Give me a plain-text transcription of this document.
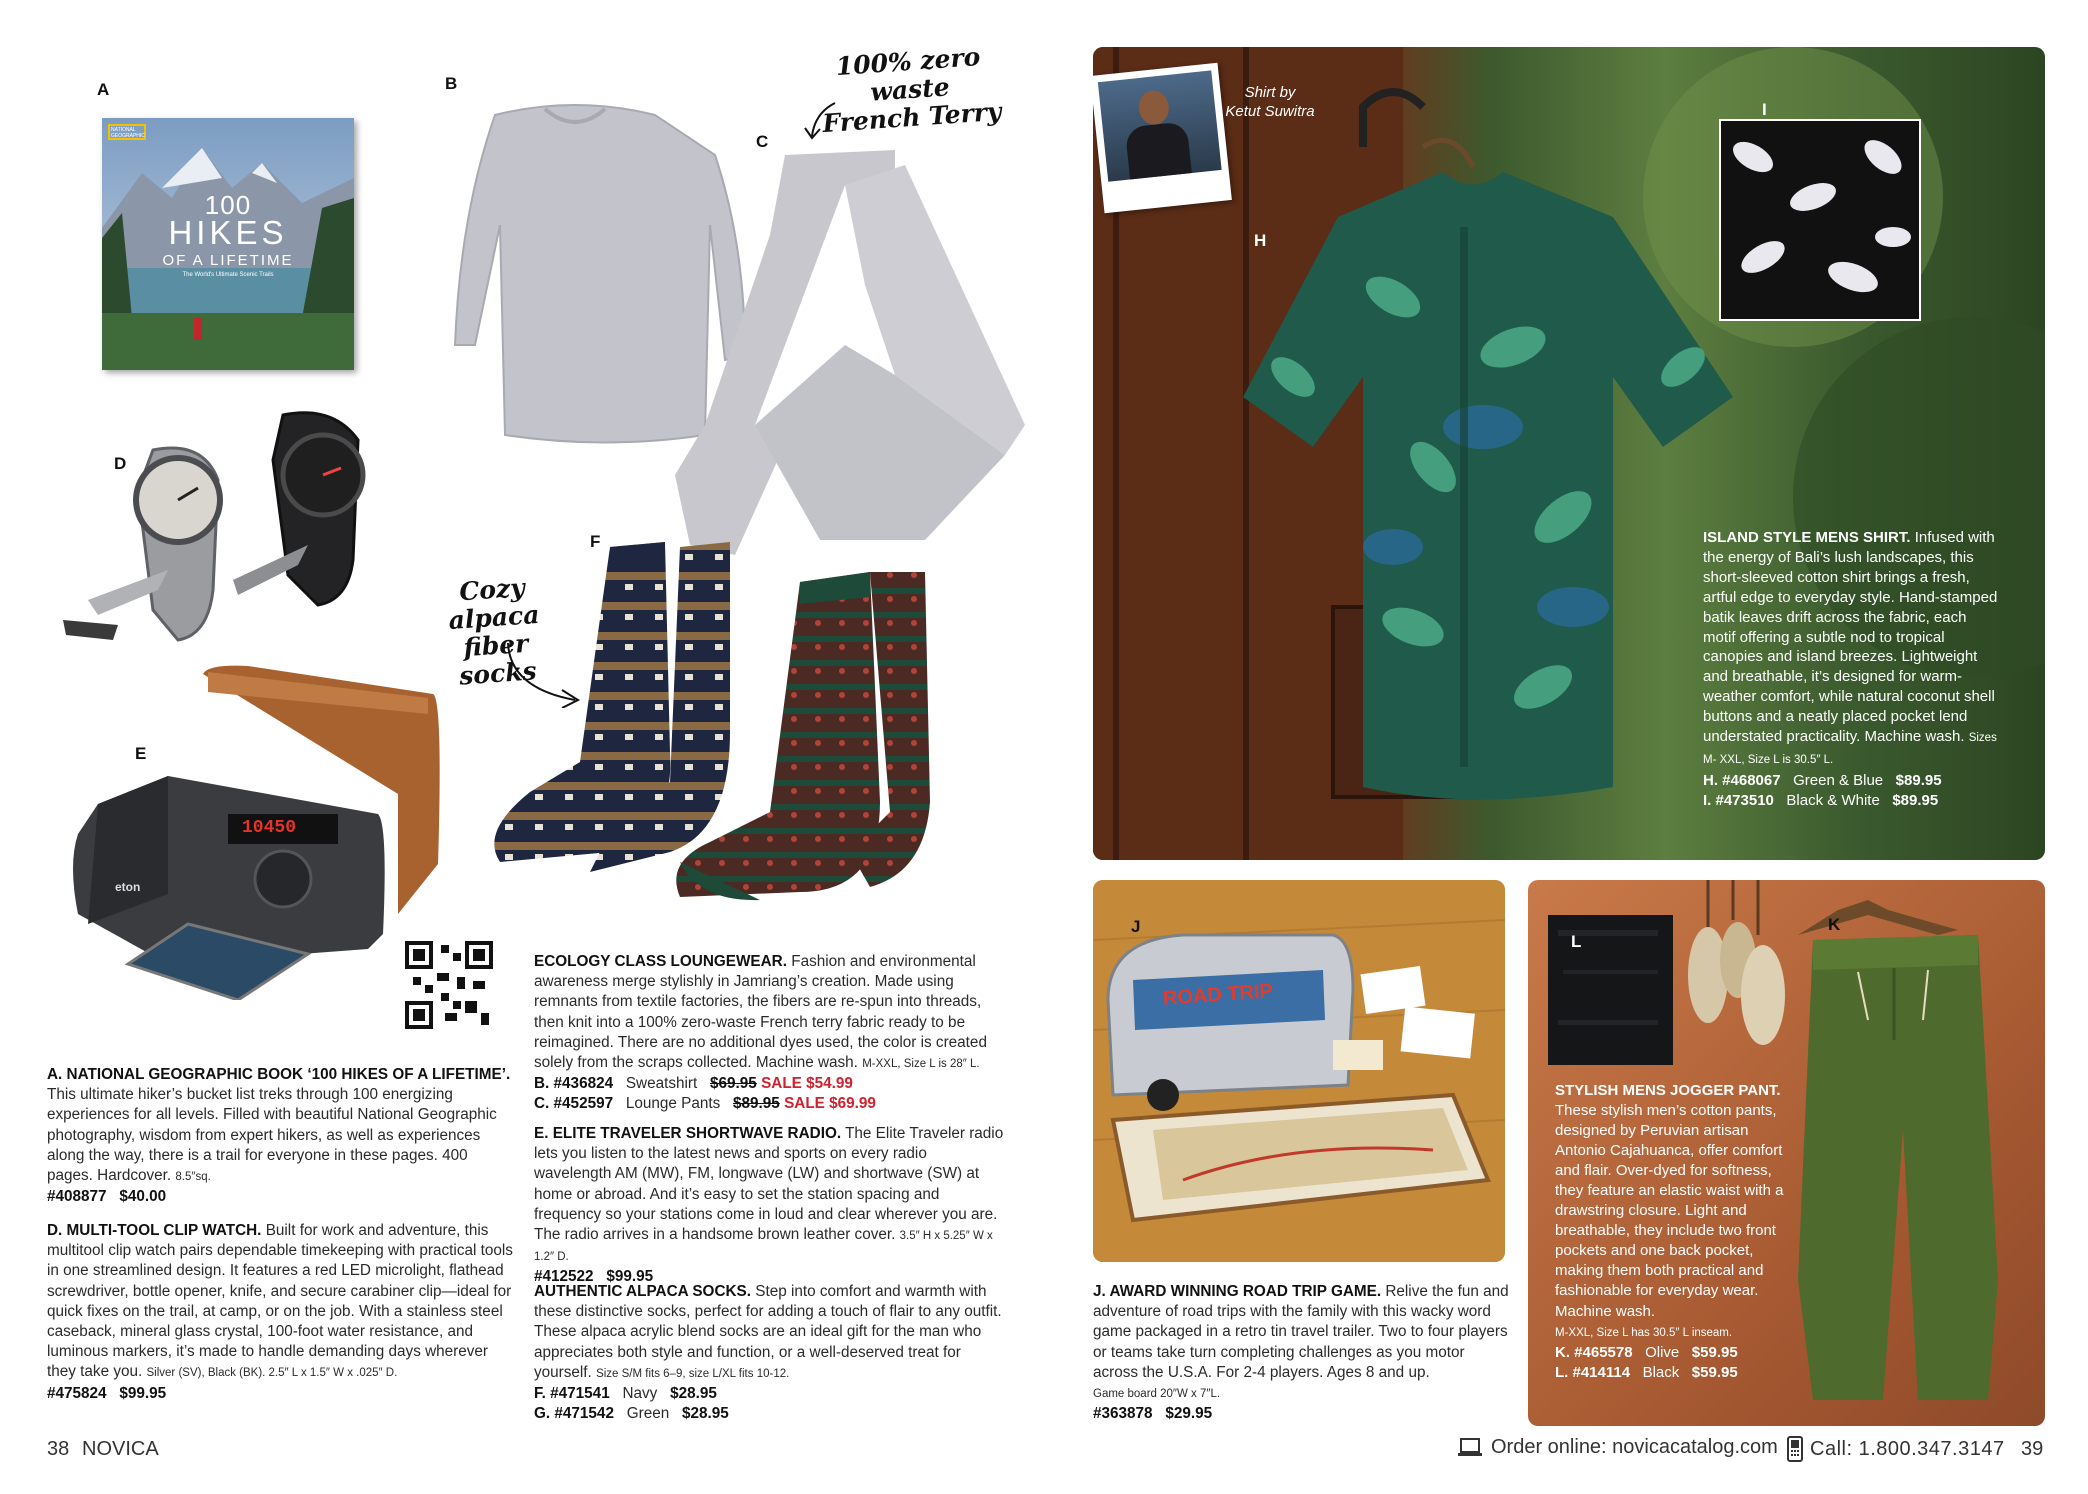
A	B
C
D
E
F
NATIONAL GEOGRAPHIC
100
HIKES
OF A LIFETIME
The World's Ultimate Scenic Trails
100% zero waste
French Terry
Cozy alpaca
fiber socks
10450
eton
A. NATIONAL GEOGRAPHIC BOOK ‘100 HIKES OF A LIFETIME’. This ultimate hiker’s bucket list treks through 100 energizing experiences for all levels. Filled with beautiful National Geographic photography, wisdom from expert hikers, as well as experiences along the way, there is a trail for everyone in these pages. 400 pages. Hardcover. 8.5″sq.
#408877 $40.00
D. MULTI-TOOL CLIP WATCH. Built for work and adventure, this multitool clip watch pairs dependable timekeeping with practical tools in one streamlined design. It features a red LED microlight, flathead screwdriver, bottle opener, knife, and secure carabiner clip—ideal for quick fixes on the trail, at camp, or on the job. With a stainless steel caseback, mineral glass crystal, 100-foot water resistance, and luminous markers, it’s made to handle demanding days wherever they take you. Silver (SV), Black (BK). 2.5″ L x 1.5″ W x .025″ D.
#475824 $99.95
ECOLOGY CLASS LOUNGEWEAR. Fashion and environmental awareness merge stylishly in Jamriang’s creation. Made using remnants from textile factories, the fibers are re-spun into threads, then knit into a 100% zero-waste French terry fabric ready to be reimagined. There are no additional dyes used, the color is created solely from the scraps collected. Machine wash. M-XXL, Size L is 28″ L.
B. #436824 Sweatshirt $69.95 SALE $54.99
C. #452597 Lounge Pants $89.95 SALE $69.99
E. ELITE TRAVELER SHORTWAVE RADIO. The Elite Traveler radio lets you listen to the latest news and sports on every radio wavelength AM (MW), FM, longwave (LW) and shortwave (SW) at home or abroad. And it’s easy to set the station spacing and frequency so your stations come in loud and clear wherever you are. The radio arrives in a handsome brown leather cover. 3.5″ H x 5.25″ W x 1.2″ D.
#412522 $99.95
AUTHENTIC ALPACA SOCKS. Step into comfort and warmth with these distinctive socks, perfect for adding a touch of flair to any outfit. These alpaca acrylic blend socks are an ideal gift for the man who appreciates both style and function, or a well-deserved treat for yourself. Size S/M fits 6–9, size L/XL fits 10-12.
F. #471541 Navy $28.95
G. #471542 Green $28.95
38 NOVICA
Shirt by
Ketut Suwitra
H
I
ISLAND STYLE MENS SHIRT. Infused with the energy of Bali’s lush landscapes, this short-sleeved cotton shirt brings a fresh, artful edge to everyday style. Hand-stamped batik leaves drift across the fabric, each motif offering a subtle nod to tropical canopies and island breezes. Lightweight and breathable, it’s designed for warm-weather comfort, while natural coconut shell buttons and a neatly placed pocket lend understated practicality. Machine wash. Sizes M- XXL, Size L is 30.5″ L.
H. #468067 Green & Blue $89.95
I. #473510 Black & White $89.95
ROAD TRIP
J
J. AWARD WINNING ROAD TRIP GAME. Relive the fun and adventure of road trips with the family with this wacky word game packaged in a retro tin travel trailer. Two to four players or teams take turn completing challenges as you motor across the U.S.A. For 2-4 players. Ages 8 and up.
Game board 20″W x 7″L.
#363878 $29.95
L
K
STYLISH MENS JOGGER PANT. These stylish men’s cotton pants, designed by Peruvian artisan Antonio Cajahuanca, offer comfort and flair. Over-dyed for softness, they feature an elastic waist with a drawstring closure. Light and breathable, they include two front pockets and one back pocket, making them both practical and fashionable for everyday wear. Machine wash.
M-XXL, Size L has 30.5″ L inseam.
K. #465578 Olive $59.95
L. #414114 Black $59.95
Order online: novicacatalog.com Call: 1.800.347.3147 39
